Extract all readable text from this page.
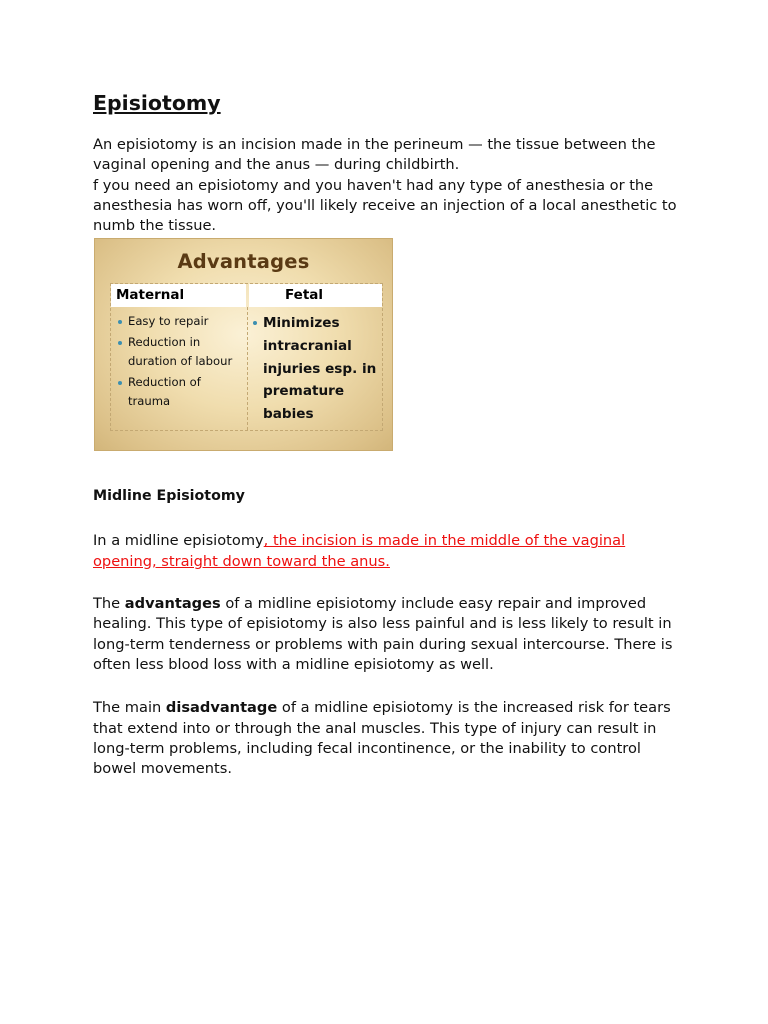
Episiotomy

An episiotomy is an incision made in the perineum — the tissue between the vaginal opening and the anus — during childbirth.

f you need an episiotomy and you haven't had any type of anesthesia or the anesthesia has worn off, you'll likely receive an injection of a local anesthetic to numb the tissue.

Advantages
Maternal	Fetal
Easy to repair
Reduction in duration of labour
Reduction of trauma
Minimizes intracranial injuries esp. in premature babies

Midline Episiotomy

In a midline episiotomy, the incision is made in the middle of the vaginal opening, straight down toward the anus.

The advantages of a midline episiotomy include easy repair and improved healing. This type of episiotomy is also less painful and is less likely to result in long-term tenderness or problems with pain during sexual intercourse. There is often less blood loss with a midline episiotomy as well.

The main disadvantage of a midline episiotomy is the increased risk for tears that extend into or through the anal muscles. This type of injury can result in long-term problems, including fecal incontinence, or the inability to control bowel movements.
